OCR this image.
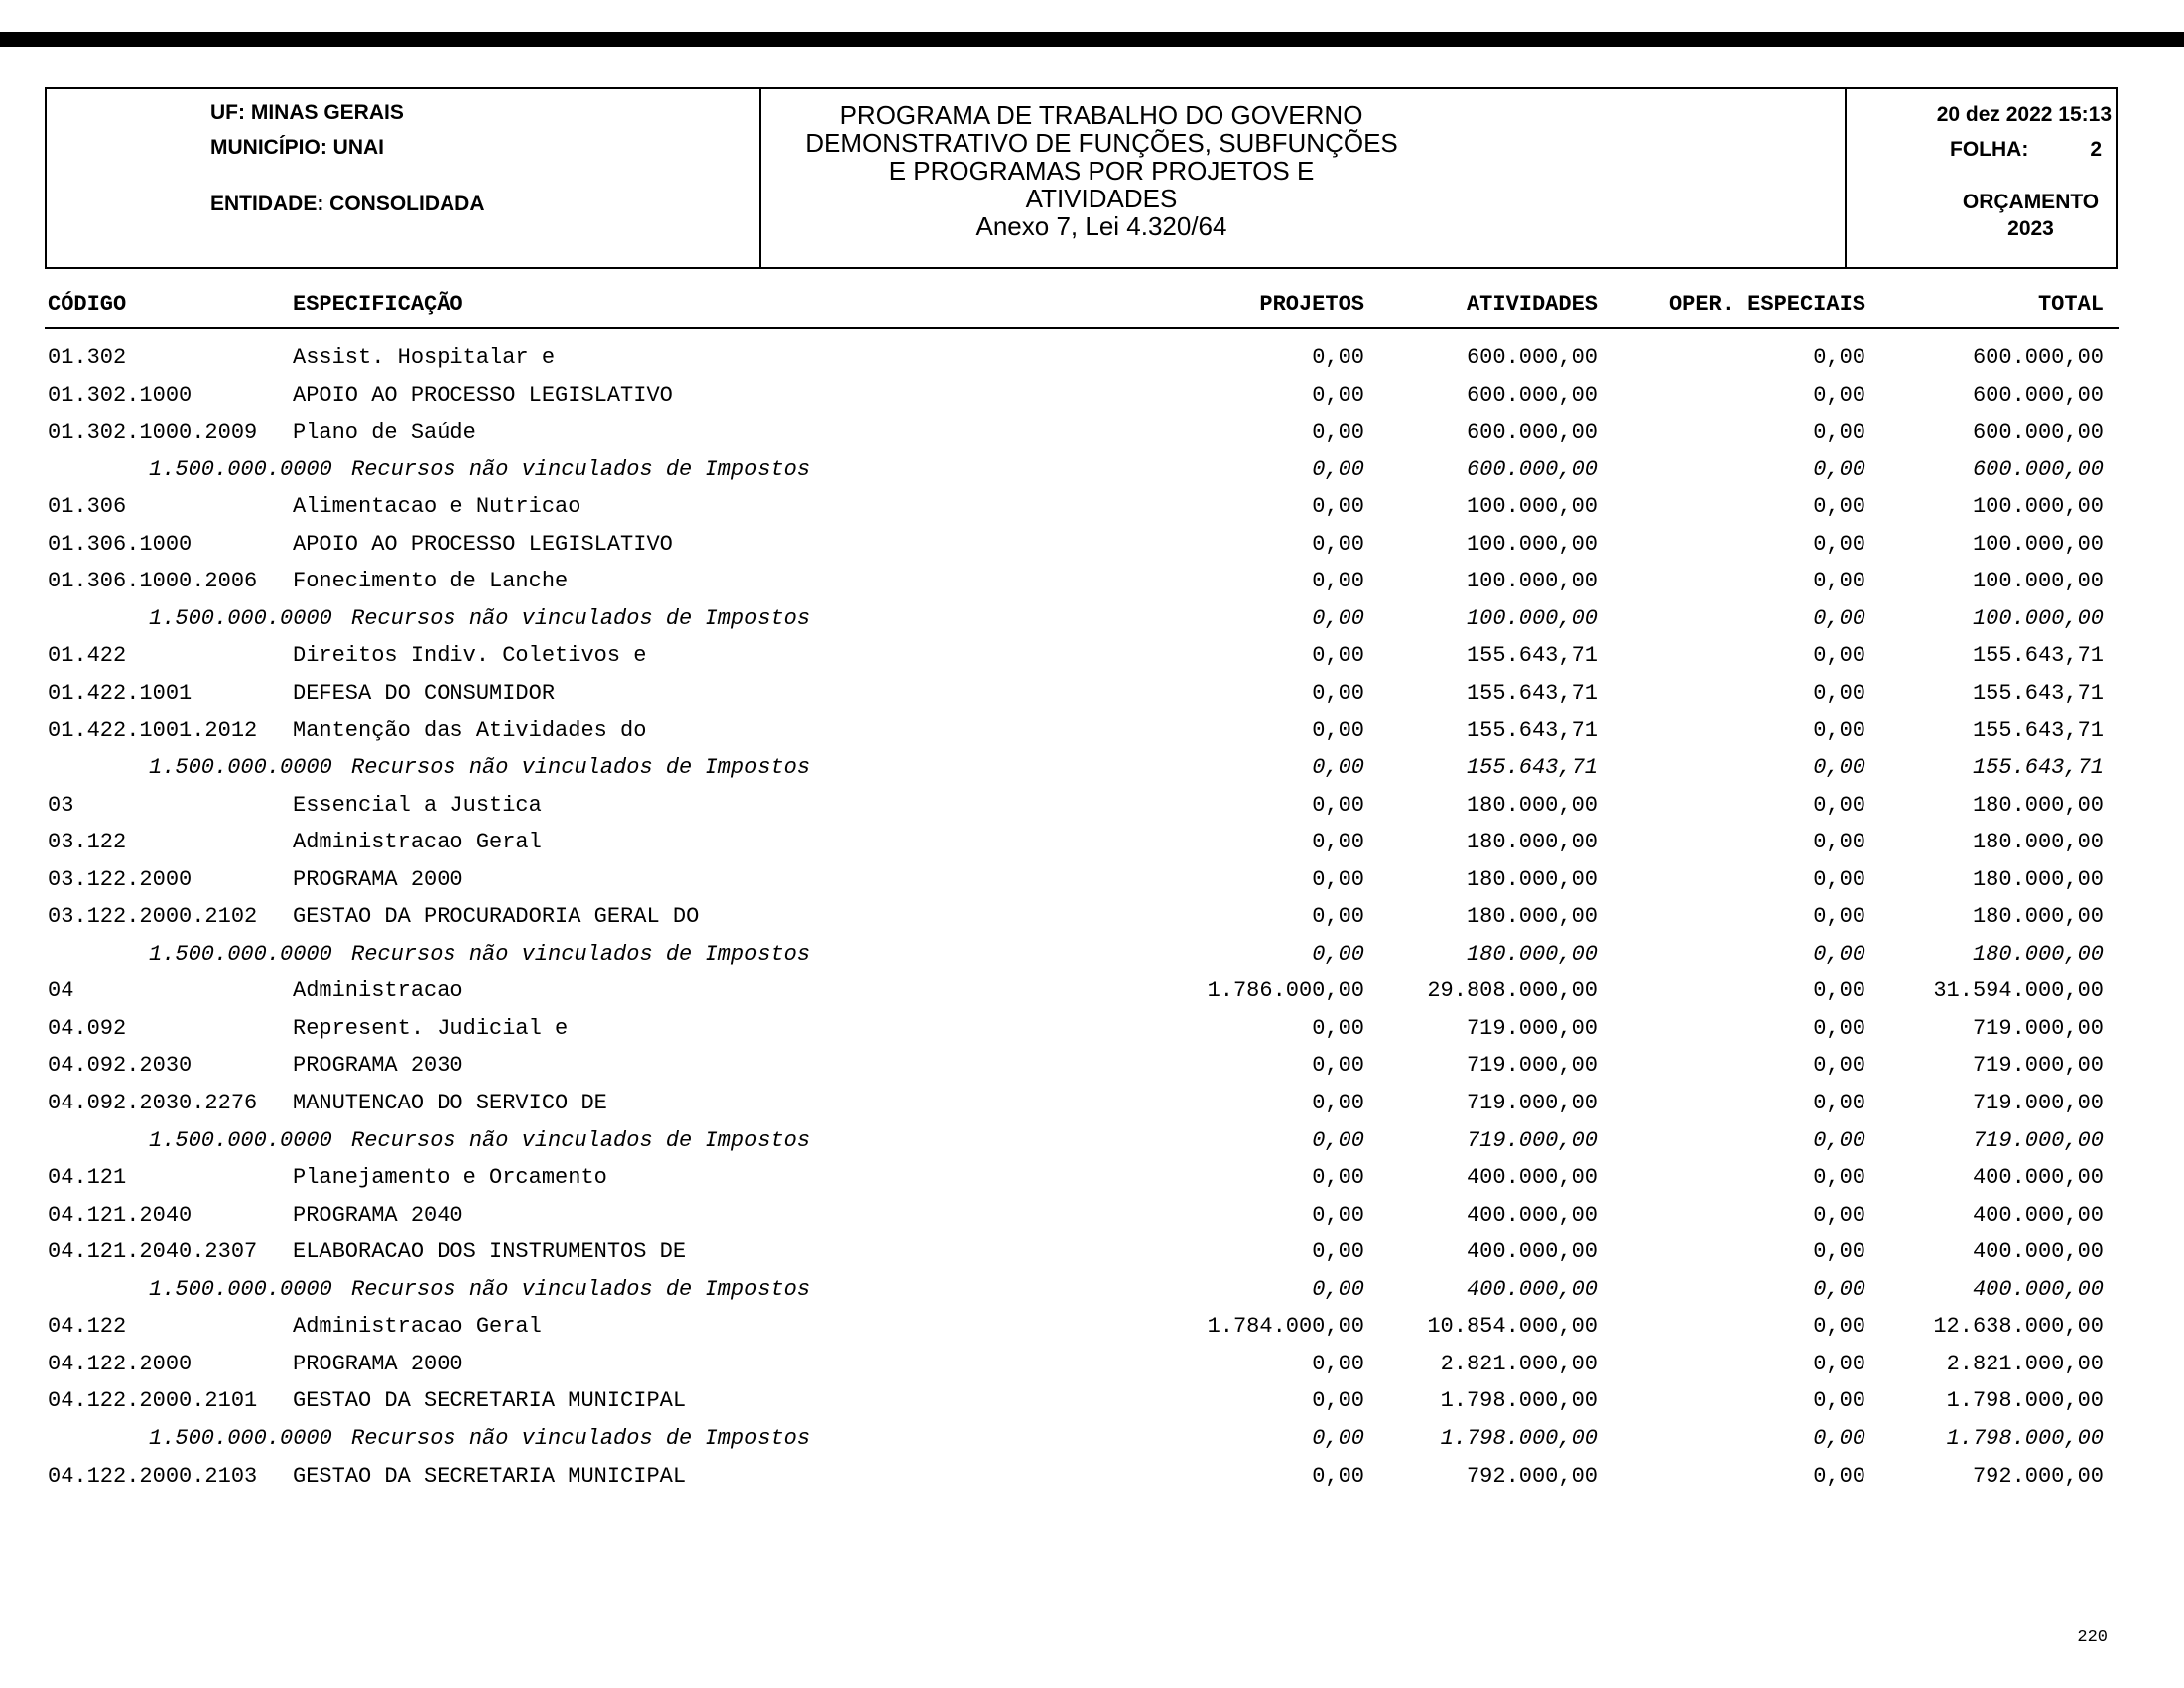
UF: MINAS GERAIS
MUNICÍPIO: UNAI
ENTIDADE: CONSOLIDADA
PROGRAMA DE TRABALHO DO GOVERNO
DEMONSTRATIVO DE FUNÇÕES, SUBFUNÇÕES
E PROGRAMAS POR PROJETOS E
ATIVIDADES
Anexo 7, Lei 4.320/64
20 dez 2022 15:13
FOLHA:	2
ORÇAMENTO
2023
CÓDIGO	ESPECIFICAÇÃO	PROJETOS	ATIVIDADES	OPER. ESPECIAIS	TOTAL
01.302	Assist. Hospitalar e	0,00	600.000,00	0,00	600.000,00
01.302.1000	APOIO AO PROCESSO LEGISLATIVO	0,00	600.000,00	0,00	600.000,00
01.302.1000.2009 Plano de Saúde	0,00	600.000,00	0,00	600.000,00
1.500.000.0000 Recursos não vinculados de Impostos	0,00	600.000,00	0,00	600.000,00
01.306	Alimentacao e Nutricao	0,00	100.000,00	0,00	100.000,00
01.306.1000	APOIO AO PROCESSO LEGISLATIVO	0,00	100.000,00	0,00	100.000,00
01.306.1000.2006 Fonecimento de Lanche	0,00	100.000,00	0,00	100.000,00
1.500.000.0000 Recursos não vinculados de Impostos	0,00	100.000,00	0,00	100.000,00
01.422	Direitos Indiv. Coletivos e	0,00	155.643,71	0,00	155.643,71
01.422.1001	DEFESA DO CONSUMIDOR	0,00	155.643,71	0,00	155.643,71
01.422.1001.2012 Mantenção das Atividades do	0,00	155.643,71	0,00	155.643,71
1.500.000.0000 Recursos não vinculados de Impostos	0,00	155.643,71	0,00	155.643,71
03	Essencial a Justica	0,00	180.000,00	0,00	180.000,00
03.122	Administracao Geral	0,00	180.000,00	0,00	180.000,00
03.122.2000	PROGRAMA 2000	0,00	180.000,00	0,00	180.000,00
03.122.2000.2102 GESTAO DA PROCURADORIA GERAL DO	0,00	180.000,00	0,00	180.000,00
1.500.000.0000 Recursos não vinculados de Impostos	0,00	180.000,00	0,00	180.000,00
04	Administracao	1.786.000,00	29.808.000,00	0,00	31.594.000,00
04.092	Represent. Judicial e	0,00	719.000,00	0,00	719.000,00
04.092.2030	PROGRAMA 2030	0,00	719.000,00	0,00	719.000,00
04.092.2030.2276 MANUTENCAO DO SERVICO DE	0,00	719.000,00	0,00	719.000,00
1.500.000.0000 Recursos não vinculados de Impostos	0,00	719.000,00	0,00	719.000,00
04.121	Planejamento e Orcamento	0,00	400.000,00	0,00	400.000,00
04.121.2040	PROGRAMA 2040	0,00	400.000,00	0,00	400.000,00
04.121.2040.2307 ELABORACAO DOS INSTRUMENTOS DE	0,00	400.000,00	0,00	400.000,00
1.500.000.0000 Recursos não vinculados de Impostos	0,00	400.000,00	0,00	400.000,00
04.122	Administracao Geral	1.784.000,00	10.854.000,00	0,00	12.638.000,00
04.122.2000	PROGRAMA 2000	0,00	2.821.000,00	0,00	2.821.000,00
04.122.2000.2101 GESTAO DA SECRETARIA MUNICIPAL	0,00	1.798.000,00	0,00	1.798.000,00
1.500.000.0000 Recursos não vinculados de Impostos	0,00	1.798.000,00	0,00	1.798.000,00
04.122.2000.2103 GESTAO DA SECRETARIA MUNICIPAL	0,00	792.000,00	0,00	792.000,00
220
